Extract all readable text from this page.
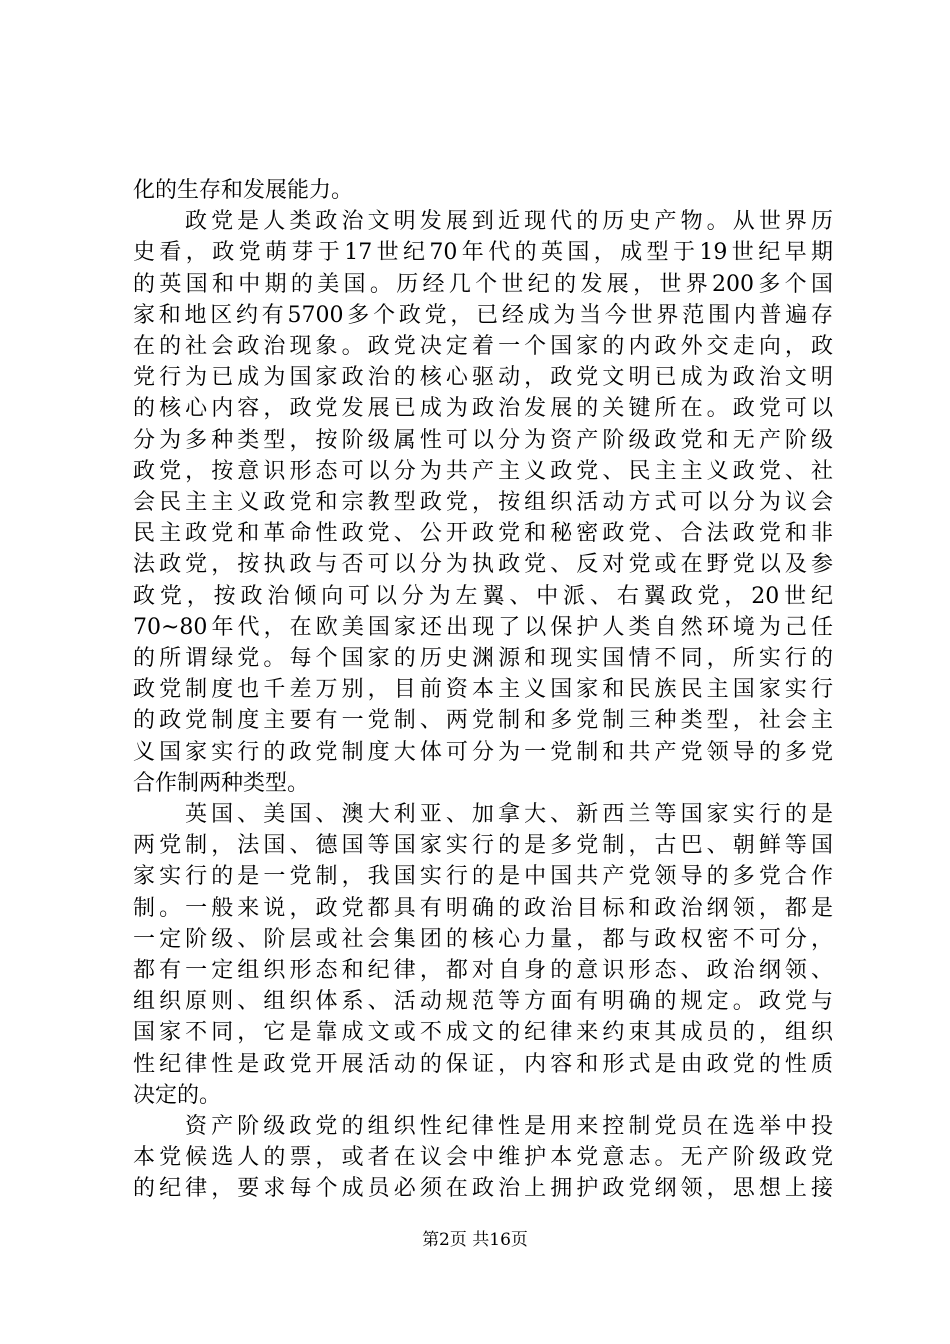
化的生存和发展能力。
政党是人类政治文明发展到近现代的历史产物。从世界历
史看，政党萌芽于17世纪70年代的英国，成型于19世纪早期
的英国和中期的美国。历经几个世纪的发展，世界200多个国
家和地区约有5700多个政党，已经成为当今世界范围内普遍存
在的社会政治现象。政党决定着一个国家的内政外交走向，政
党行为已成为国家政治的核心驱动，政党文明已成为政治文明
的核心内容，政党发展已成为政治发展的关键所在。政党可以
分为多种类型，按阶级属性可以分为资产阶级政党和无产阶级
政党，按意识形态可以分为共产主义政党、民主主义政党、社
会民主主义政党和宗教型政党，按组织活动方式可以分为议会
民主政党和革命性政党、公开政党和秘密政党、合法政党和非
法政党，按执政与否可以分为执政党、反对党或在野党以及参
政党，按政治倾向可以分为左翼、中派、右翼政党，20世纪
70~80年代，在欧美国家还出现了以保护人类自然环境为己任
的所谓绿党。每个国家的历史渊源和现实国情不同，所实行的
政党制度也千差万别，目前资本主义国家和民族民主国家实行
的政党制度主要有一党制、两党制和多党制三种类型，社会主
义国家实行的政党制度大体可分为一党制和共产党领导的多党
合作制两种类型。
英国、美国、澳大利亚、加拿大、新西兰等国家实行的是
两党制，法国、德国等国家实行的是多党制，古巴、朝鲜等国
家实行的是一党制，我国实行的是中国共产党领导的多党合作
制。一般来说，政党都具有明确的政治目标和政治纲领，都是
一定阶级、阶层或社会集团的核心力量，都与政权密不可分，
都有一定组织形态和纪律，都对自身的意识形态、政治纲领、
组织原则、组织体系、活动规范等方面有明确的规定。政党与
国家不同，它是靠成文或不成文的纪律来约束其成员的，组织
性纪律性是政党开展活动的保证，内容和形式是由政党的性质
决定的。
资产阶级政党的组织性纪律性是用来控制党员在选举中投
本党候选人的票，或者在议会中维护本党意志。无产阶级政党
的纪律，要求每个成员必须在政治上拥护政党纲领，思想上接
第2页 共16页
